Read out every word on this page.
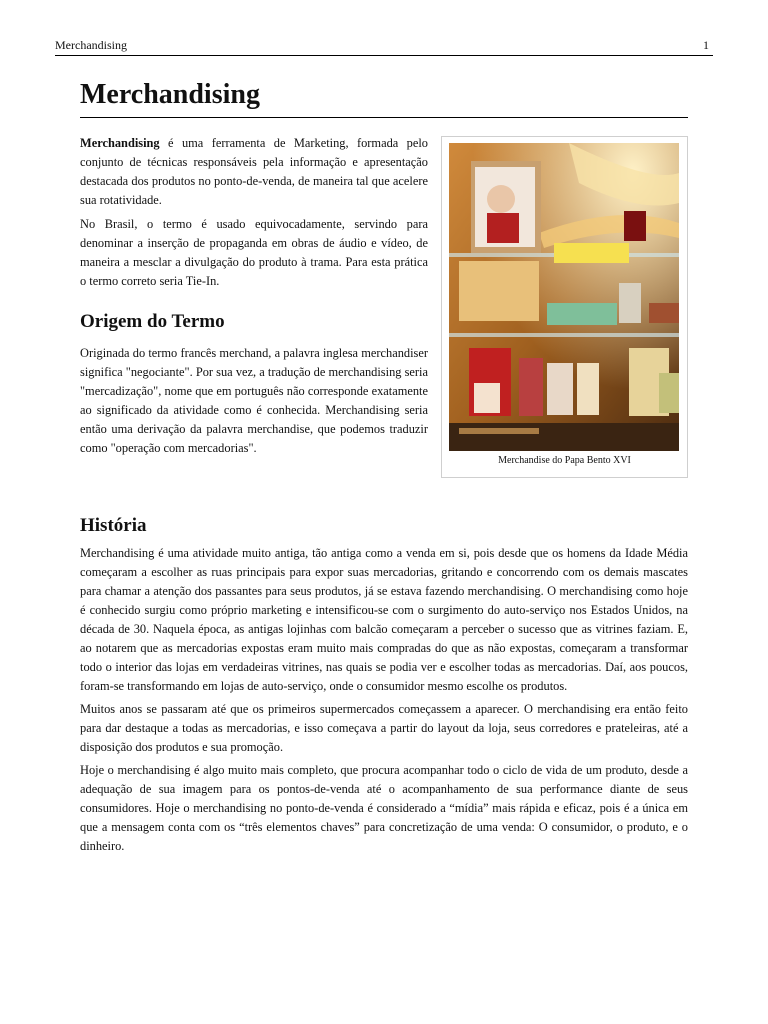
Merchandising	1
Merchandising

Merchandising é uma ferramenta de Marketing, formada pelo conjunto de técnicas responsáveis pela informação e apresentação destacada dos produtos no ponto-de-venda, de maneira tal que acelere sua rotatividade.

No Brasil, o termo é usado equivocadamente, servindo para denominar a inserção de propaganda em obras de áudio e vídeo, de maneira a mesclar a divulgação do produto à trama. Para esta prática o termo correto seria Tie-In.

Origem do Termo

Originada do termo francês merchand, a palavra inglesa merchandiser significa "negociante". Por sua vez, a tradução de merchandising seria "mercadização", nome que em português não corresponde exatamente ao significado da atividade como é conhecida. Merchandising seria então uma derivação da palavra merchandise, que podemos traduzir como "operação com mercadorias".

Merchandise do Papa Bento XVI
História

Merchandising é uma atividade muito antiga, tão antiga como a venda em si, pois desde que os homens da Idade Média começaram a escolher as ruas principais para expor suas mercadorias, gritando e concorrendo com os demais mascates para chamar a atenção dos passantes para seus produtos, já se estava fazendo merchandising. O merchandising como hoje é conhecido surgiu como próprio marketing e intensificou-se com o surgimento do auto-serviço nos Estados Unidos, na década de 30. Naquela época, as antigas lojinhas com balcão começaram a perceber o sucesso que as vitrines faziam. E, ao notarem que as mercadorias expostas eram muito mais compradas do que as não expostas, começaram a transformar todo o interior das lojas em verdadeiras vitrines, nas quais se podia ver e escolher todas as mercadorias. Daí, aos poucos, foram-se transformando em lojas de auto-serviço, onde o consumidor mesmo escolhe os produtos.

Muitos anos se passaram até que os primeiros supermercados começassem a aparecer. O merchandising era então feito para dar destaque a todas as mercadorias, e isso começava a partir do layout da loja, seus corredores e prateleiras, até a disposição dos produtos e sua promoção.

Hoje o merchandising é algo muito mais completo, que procura acompanhar todo o ciclo de vida de um produto, desde a adequação de sua imagem para os pontos-de-venda até o acompanhamento de sua performance diante de seus consumidores. Hoje o merchandising no ponto-de-venda é considerado a “mídia” mais rápida e eficaz, pois é a única em que a mensagem conta com os “três elementos chaves” para concretização de uma venda: O consumidor, o produto, e o dinheiro.
